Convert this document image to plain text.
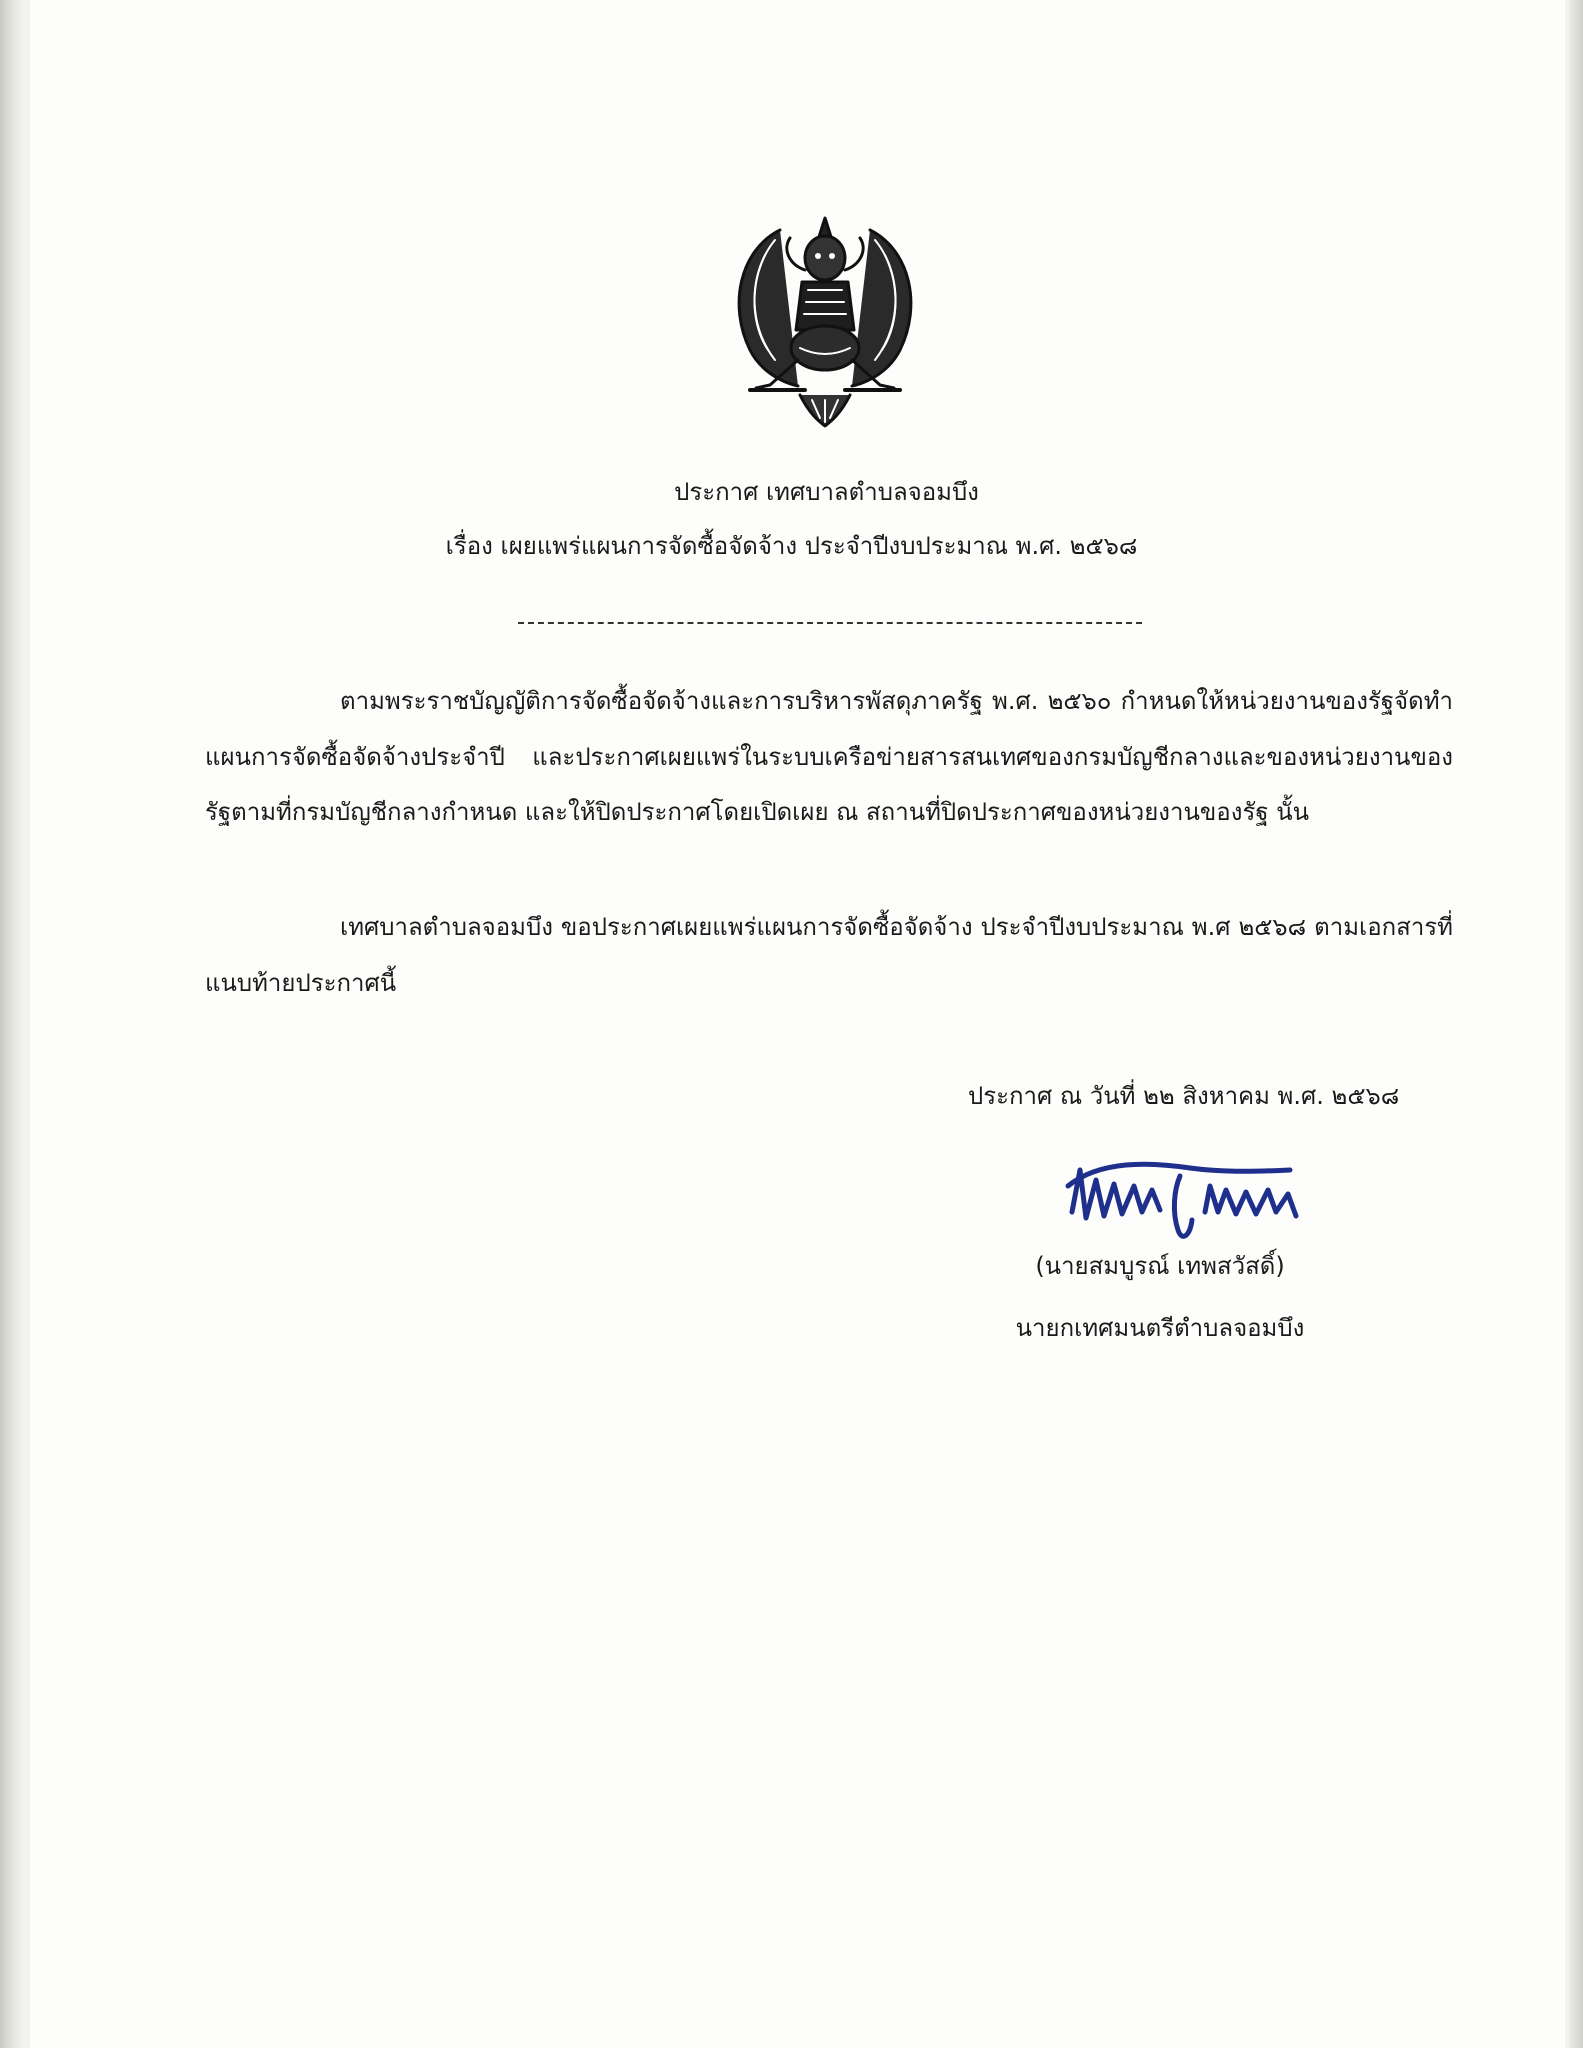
ประกาศ เทศบาลตำบลจอมบึง
เรื่อง เผยแพร่แผนการจัดซื้อจัดจ้าง ประจำปีงบประมาณ พ.ศ. ๒๕๖๘
ตามพระราชบัญญัติการจัดซื้อจัดจ้างและการบริหารพัสดุภาครัฐ พ.ศ. ๒๕๖๐ กำหนดให้หน่วยงานของรัฐจัดทำแผนการจัดซื้อจัดจ้างประจำปี และประกาศเผยแพร่ในระบบเครือข่ายสารสนเทศของกรมบัญชีกลางและของหน่วยงานของรัฐตามที่กรมบัญชีกลางกำหนด และให้ปิดประกาศโดยเปิดเผย ณ สถานที่ปิดประกาศของหน่วยงานของรัฐ นั้น
เทศบาลตำบลจอมบึง ขอประกาศเผยแพร่แผนการจัดซื้อจัดจ้าง ประจำปีงบประมาณ พ.ศ ๒๕๖๘ ตามเอกสารที่แนบท้ายประกาศนี้
ประกาศ ณ วันที่ ๒๒ สิงหาคม พ.ศ. ๒๕๖๘
(นายสมบูรณ์ เทพสวัสดิ์)
นายกเทศมนตรีตำบลจอมบึง
